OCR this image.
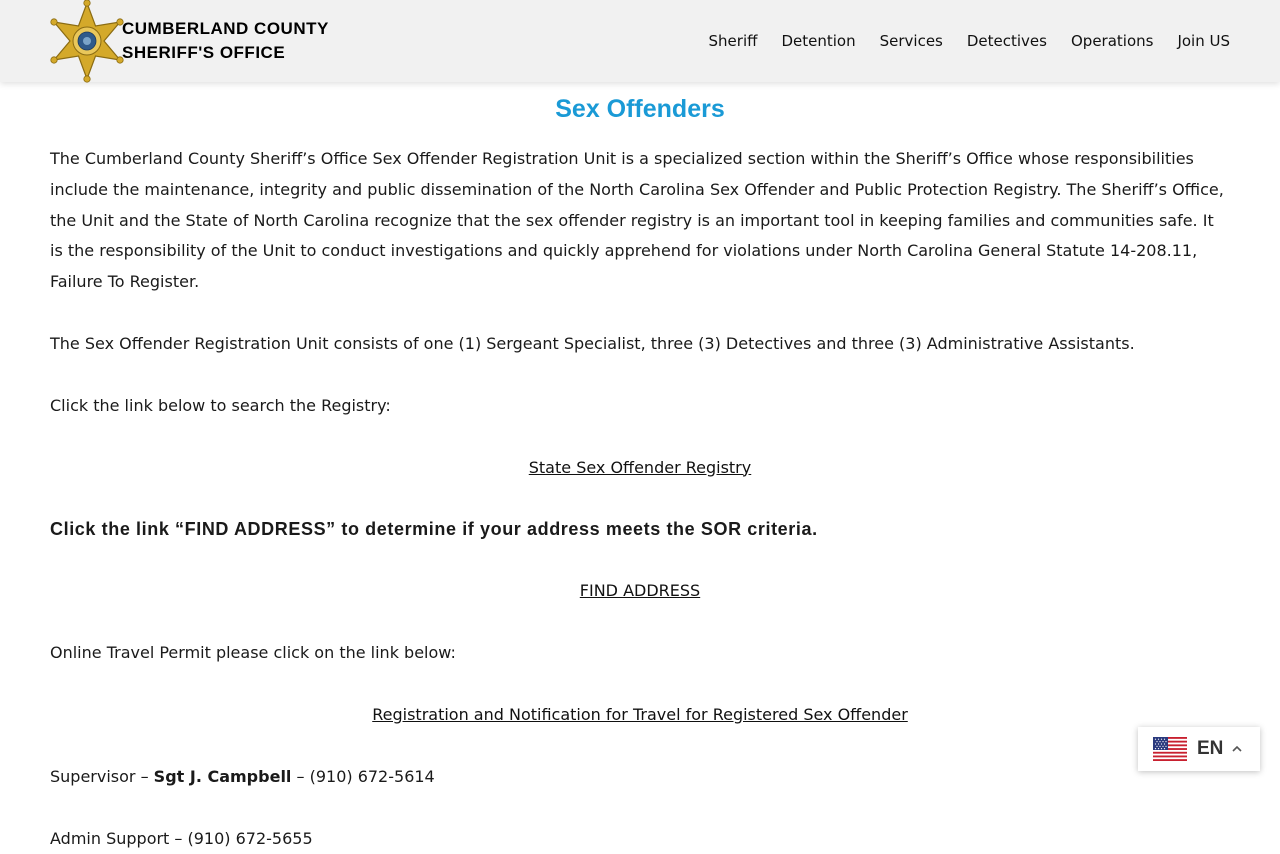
CUMBERLAND COUNTY
SHERIFF'S OFFICE
Sheriff Detention Services Detectives Operations Join US
Sex Offenders

The Cumberland County Sheriff’s Office Sex Offender Registration Unit is a specialized section within the Sheriff’s Office whose responsibilities include the maintenance, integrity and public dissemination of the North Carolina Sex Offender and Public Protection Registry. The Sheriff’s Office, the Unit and the State of North Carolina recognize that the sex offender registry is an important tool in keeping families and communities safe. It is the responsibility of the Unit to conduct investigations and quickly apprehend for violations under North Carolina General Statute 14-208.11, Failure To Register.

The Sex Offender Registration Unit consists of one (1) Sergeant Specialist, three (3) Detectives and three (3) Administrative Assistants.

Click the link below to search the Registry:

State Sex Offender Registry

Click the link “FIND ADDRESS” to determine if your address meets the SOR criteria.

FIND ADDRESS

Online Travel Permit please click on the link below:

Registration and Notification for Travel for Registered Sex Offender

Supervisor – Sgt J. Campbell – (910) 672-5614

Admin Support – (910) 672-5655

EN
